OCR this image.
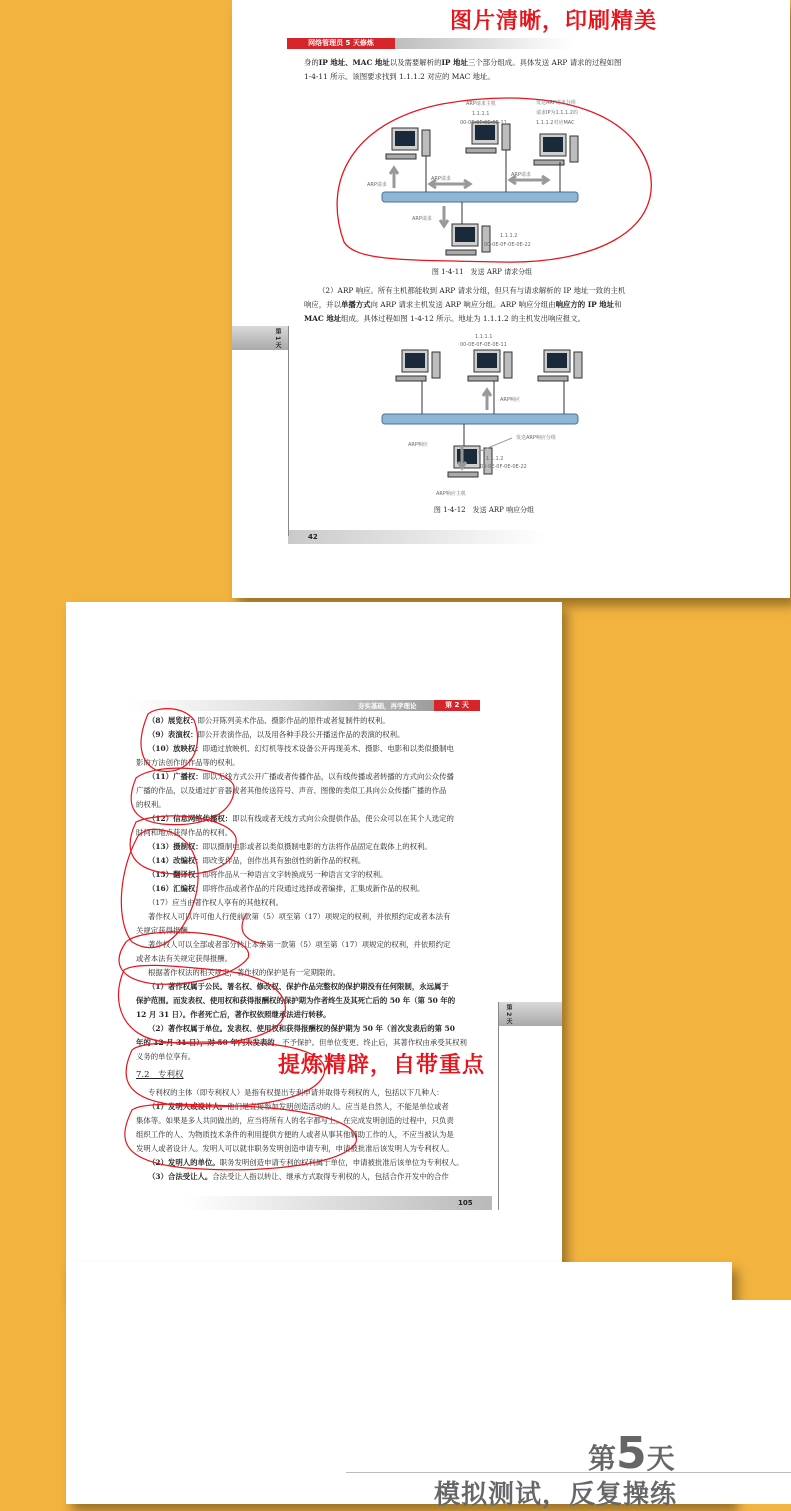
图片清晰，印刷精美
网络管理员 5 天修炼
身的IP 地址、MAC 地址以及需要解析的IP 地址三个部分组成。具体发送 ARP 请求的过程如图
1-4-11 所示。该图要求找到 1.1.1.2 对应的 MAC 地址。
ARP请求主机
1.1.1.1
00-0E-0F-0E-0E-11
发送ARP请求分组
请求IP为1.1.1.2的
1.1.1.2对应MAC
ARP请求
ARP请求
ARP请求
ARP请求
1.1.1.2
00-0E-0F-0E-0E-22
图 1-4-11　发送 ARP 请求分组
（2）ARP 响应。所有主机都能收到 ARP 请求分组，但只有与请求解析的 IP 地址一致的主机
响应，并以单播方式向 ARP 请求主机发送 ARP 响应分组。ARP 响应分组由响应方的 IP 地址和
MAC 地址组成。具体过程如图 1-4-12 所示。地址为 1.1.1.2 的主机发出响应报文。
第 1 天	1.1.1.1
00-0E-0F-0E-0E-11
ARP响应
ARP响应
发送ARP响应分组
1.1.1.2
00-0E-0F-0E-0E-22
ARP响应主机
图 1-4-12　发送 ARP 响应分组
42
夯实基础，再学理论	第 2 天
（8）展览权：即公开陈列美术作品、摄影作品的原件或者复制件的权利。
（9）表演权：即公开表演作品，以及用各种手段公开播送作品的表演的权利。
（10）放映权：即通过放映机、幻灯机等技术设备公开再现美术、摄影、电影和以类似摄制电
影的方法创作的作品等的权利。
（11）广播权：即以无线方式公开广播或者传播作品，以有线传播或者转播的方式向公众传播
广播的作品，以及通过扩音器或者其他传送符号、声音、图像的类似工具向公众传播广播的作品
的权利。
（12）信息网络传播权：即以有线或者无线方式向公众提供作品，使公众可以在其个人选定的
时间和地点获得作品的权利。
（13）摄制权：即以摄制电影或者以类似摄制电影的方法将作品固定在载体上的权利。
（14）改编权：即改变作品，创作出具有独创性的新作品的权利。
（15）翻译权：即将作品从一种语言文字转换成另一种语言文字的权利。
（16）汇编权：即将作品或者作品的片段通过选择或者编排，汇集成新作品的权利。
（17）应当由著作权人享有的其他权利。
著作权人可以许可他人行使前款第（5）项至第（17）项规定的权利，并依照约定或者本法有
关规定获得报酬。
著作权人可以全部或者部分转让本条第一款第（5）项至第（17）项规定的权利，并依照约定
或者本法有关规定获得报酬。
根据著作权法的相关规定，著作权的保护是有一定期限的。
（1）著作权属于公民。署名权、修改权、保护作品完整权的保护期没有任何限制，永远属于
保护范围。而发表权、使用权和获得报酬权的保护期为作者终生及其死亡后的 50 年（第 50 年的
12 月 31 日）。作者死亡后，著作权依照继承法进行转移。
（2）著作权属于单位。发表权、使用权和获得报酬权的保护期为 50 年（首次发表后的第 50
年的 12 月 31 日），对 50 年内未发表的，不予保护。但单位变更、终止后，其著作权由承受其权利
义务的单位享有。
第 2 天
7.2　专利权	提炼精辟，自带重点
专利权的主体（即专利权人）是指有权提出专利申请并取得专利权的人，包括以下几种人：
（1）发明人或设计人。他们是直接参加发明创造活动的人。应当是自然人，不能是单位或者
集体等。如果是多人共同做出的，应当将所有人的名字都写上。在完成发明创造的过程中，只负责
组织工作的人、为物质技术条件的利用提供方便的人或者从事其他辅助工作的人，不应当被认为是
发明人或者设计人。发明人可以就非职务发明创造申请专利，申请被批准后该发明人为专利权人。
（2）发明人的单位。职务发明创造申请专利的权利属于单位，申请被批准后该单位为专利权人。
（3）合法受让人。合法受让人指以转让、继承方式取得专利权的人，包括合作开发中的合作
105
第5天
模拟测试，反复操练
